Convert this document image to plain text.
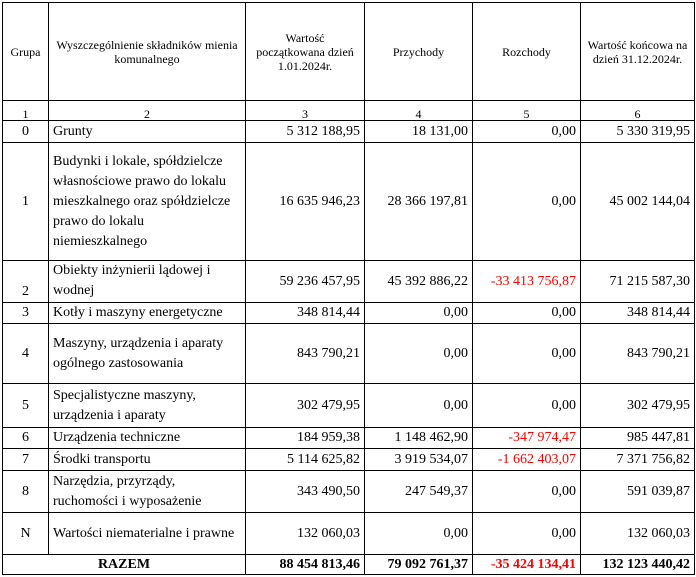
Grupa	Wyszczególnienie składników mienia komunalnego	Wartość początkowana dzień 1.01.2024r.	Przychody	Rozchody	Wartość końcowa na dzień 31.12.2024r.
1	2	3	4	5	6
0	Grunty	5 312 188,95	18 131,00	0,00	5 330 319,95
1	Budynki i lokale, spółdzielcze własnościowe prawo do lokalu mieszkalnego oraz spółdzielcze prawo do lokalu niemieszkalnego	16 635 946,23	28 366 197,81	0,00	45 002 144,04
2	Obiekty inżynierii lądowej i wodnej	59 236 457,95	45 392 886,22	-33 413 756,87	71 215 587,30
3	Kotły i maszyny energetyczne	348 814,44	0,00	0,00	348 814,44
4	Maszyny, urządzenia i aparaty ogólnego zastosowania	843 790,21	0,00	0,00	843 790,21
5	Specjalistyczne maszyny, urządzenia i aparaty	302 479,95	0,00	0,00	302 479,95
6	Urządzenia techniczne	184 959,38	1 148 462,90	-347 974,47	985 447,81
7	Środki transportu	5 114 625,82	3 919 534,07	-1 662 403,07	7 371 756,82
8	Narzędzia, przyrządy, ruchomości i wyposażenie	343 490,50	247 549,37	0,00	591 039,87
N	Wartości niematerialne i prawne	132 060,03	0,00	0,00	132 060,03
RAZEM		88 454 813,46	79 092 761,37	-35 424 134,41	132 123 440,42
